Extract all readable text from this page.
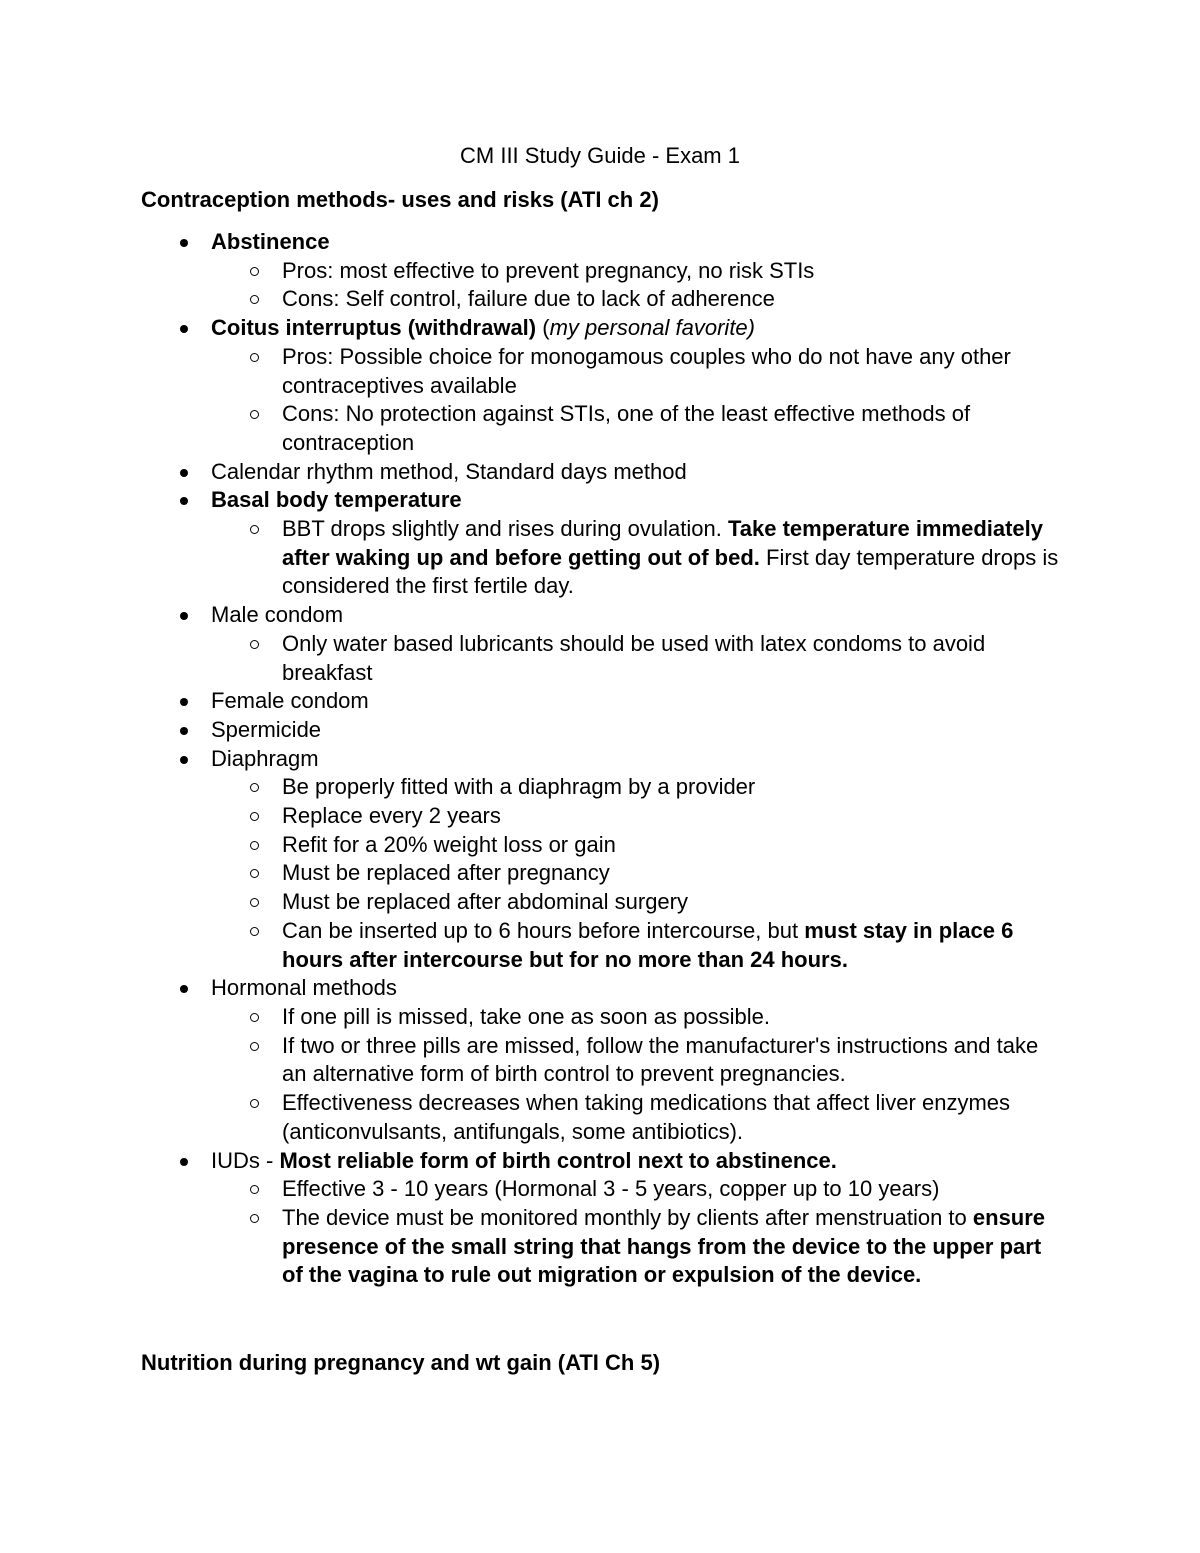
CM III Study Guide - Exam 1
Contraception methods- uses and risks (ATI ch 2)
Abstinence
Pros: most effective to prevent pregnancy, no risk STIs
Cons: Self control, failure due to lack of adherence
Coitus interruptus (withdrawal) (my personal favorite)
Pros: Possible choice for monogamous couples who do not have any other contraceptives available
Cons: No protection against STIs, one of the least effective methods of contraception
Calendar rhythm method, Standard days method
Basal body temperature
BBT drops slightly and rises during ovulation. Take temperature immediately after waking up and before getting out of bed. First day temperature drops is considered the first fertile day.
Male condom
Only water based lubricants should be used with latex condoms to avoid breakfast
Female condom
Spermicide
Diaphragm
Be properly fitted with a diaphragm by a provider
Replace every 2 years
Refit for a 20% weight loss or gain
Must be replaced after pregnancy
Must be replaced after abdominal surgery
Can be inserted up to 6 hours before intercourse, but must stay in place 6 hours after intercourse but for no more than 24 hours.
Hormonal methods
If one pill is missed, take one as soon as possible.
If two or three pills are missed, follow the manufacturer's instructions and take an alternative form of birth control to prevent pregnancies.
Effectiveness decreases when taking medications that affect liver enzymes (anticonvulsants, antifungals, some antibiotics).
IUDs - Most reliable form of birth control next to abstinence.
Effective 3 - 10 years (Hormonal 3 - 5 years, copper up to 10 years)
The device must be monitored monthly by clients after menstruation to ensure presence of the small string that hangs from the device to the upper part of the vagina to rule out migration or expulsion of the device.
Nutrition during pregnancy and wt gain (ATI Ch 5)
